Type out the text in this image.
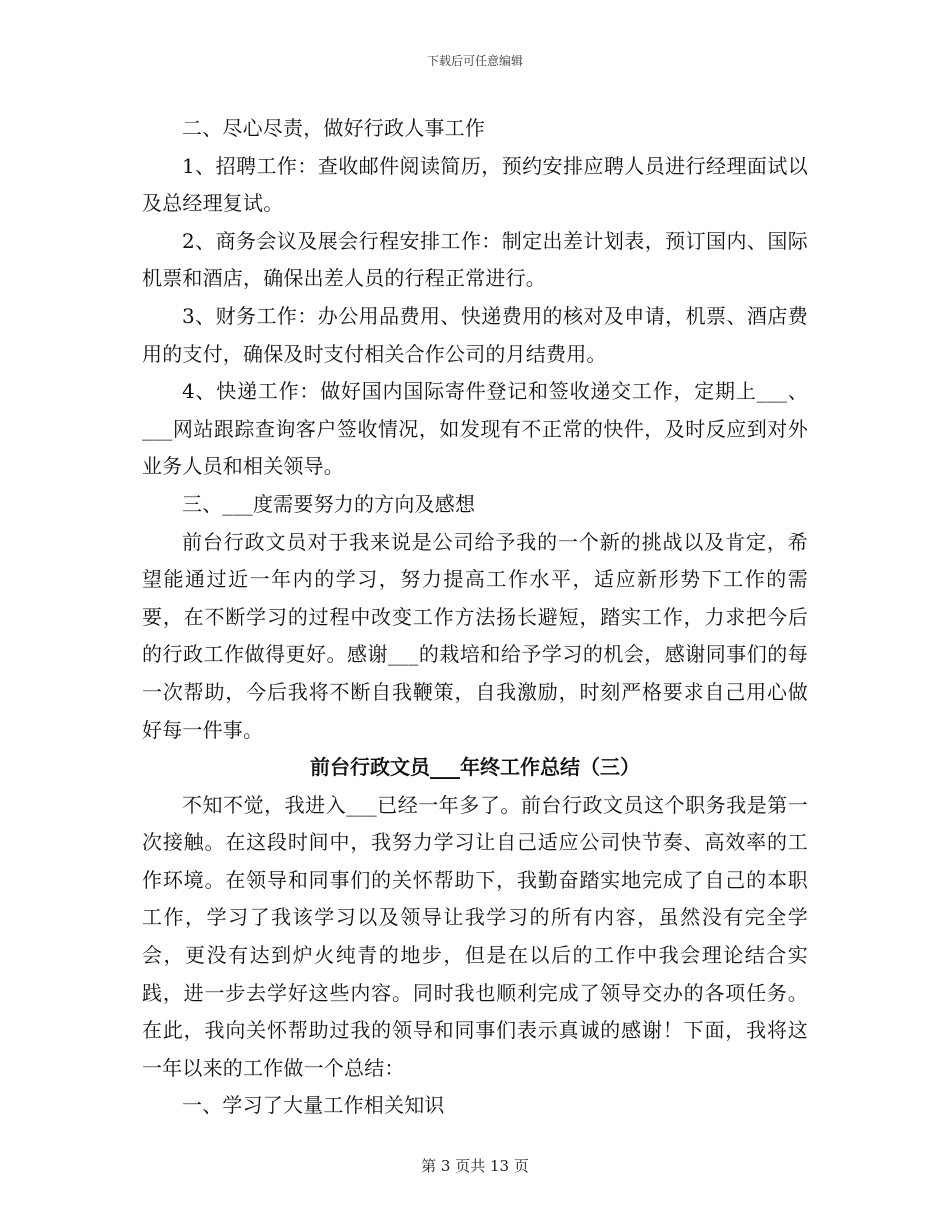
下载后可任意编辑

二、尽心尽责，做好行政人事工作

1、招聘工作：查收邮件阅读简历，预约安排应聘人员进行经理面试以及总经理复试。

2、商务会议及展会行程安排工作：制定出差计划表，预订国内、国际机票和酒店，确保出差人员的行程正常进行。

3、财务工作：办公用品费用、快递费用的核对及申请，机票、酒店费用的支付，确保及时支付相关合作公司的月结费用。

4、快递工作：做好国内国际寄件登记和签收递交工作，定期上___、___网站跟踪查询客户签收情况，如发现有不正常的快件，及时反应到对外业务人员和相关领导。

三、___度需要努力的方向及感想

前台行政文员对于我来说是公司给予我的一个新的挑战以及肯定，希望能通过近一年内的学习，努力提高工作水平，适应新形势下工作的需要，在不断学习的过程中改变工作方法扬长避短，踏实工作，力求把今后的行政工作做得更好。感谢___的栽培和给予学习的机会，感谢同事们的每一次帮助，今后我将不断自我鞭策，自我激励，时刻严格要求自己用心做好每一件事。

前台行政文员___年终工作总结（三）

不知不觉，我进入___已经一年多了。前台行政文员这个职务我是第一次接触。在这段时间中，我努力学习让自己适应公司快节奏、高效率的工作环境。在领导和同事们的关怀帮助下，我勤奋踏实地完成了自己的本职工作，学习了我该学习以及领导让我学习的所有内容，虽然没有完全学会，更没有达到炉火纯青的地步，但是在以后的工作中我会理论结合实践，进一步去学好这些内容。同时我也顺利完成了领导交办的各项任务。在此，我向关怀帮助过我的领导和同事们表示真诚的感谢！下面，我将这一年以来的工作做一个总结：

一、学习了大量工作相关知识

第 3 页共 13 页
